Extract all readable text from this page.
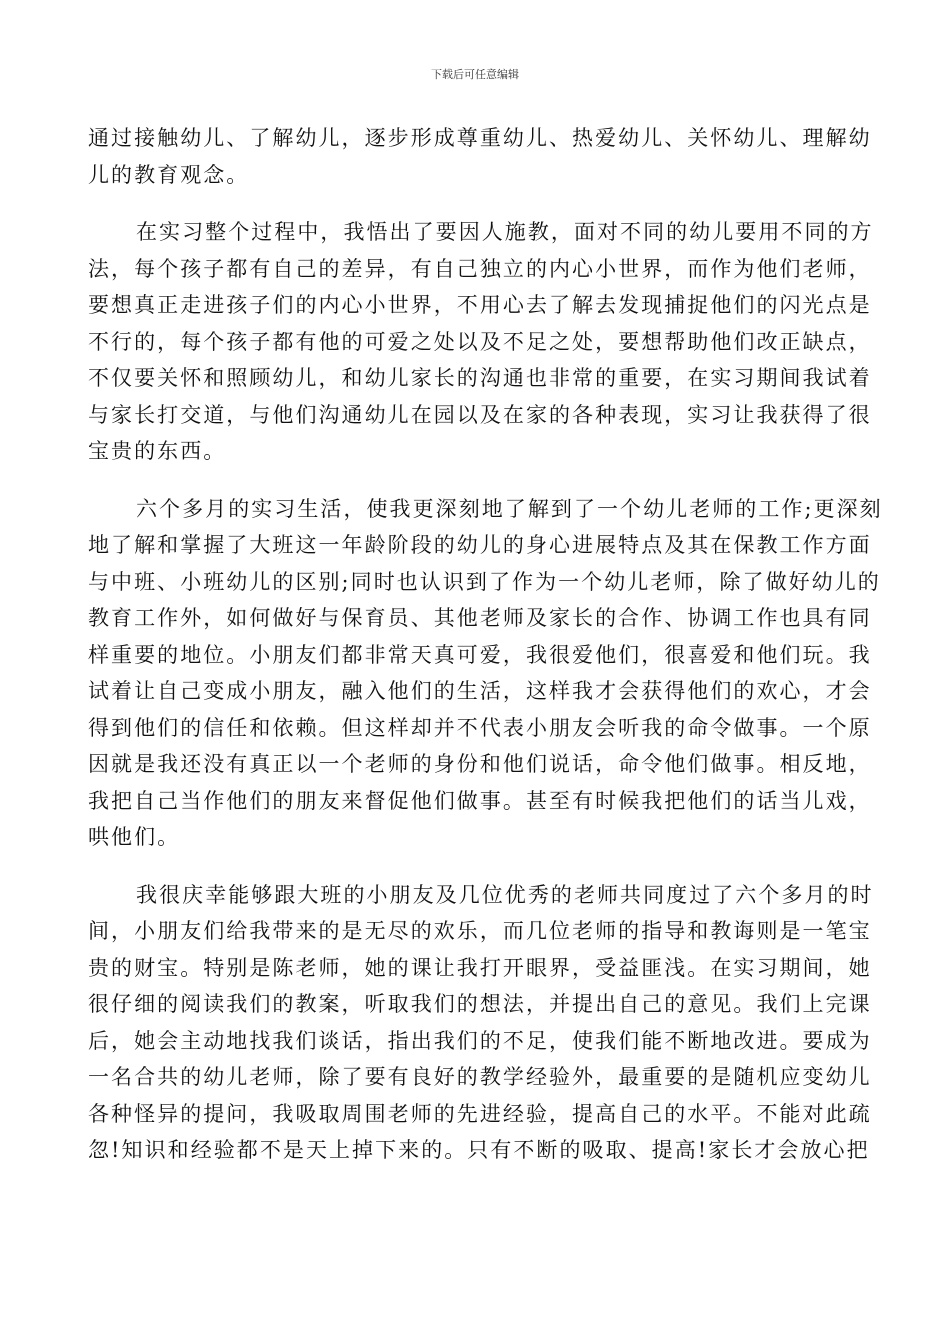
下载后可任意编辑
通过接触幼儿、了解幼儿，逐步形成尊重幼儿、热爱幼儿、关怀幼儿、理解幼
儿的教育观念。
在实习整个过程中，我悟出了要因人施教，面对不同的幼儿要用不同的方
法，每个孩子都有自己的差异，有自己独立的内心小世界，而作为他们老师，
要想真正走进孩子们的内心小世界，不用心去了解去发现捕捉他们的闪光点是
不行的，每个孩子都有他的可爱之处以及不足之处，要想帮助他们改正缺点，
不仅要关怀和照顾幼儿，和幼儿家长的沟通也非常的重要，在实习期间我试着
与家长打交道，与他们沟通幼儿在园以及在家的各种表现，实习让我获得了很
宝贵的东西。
六个多月的实习生活，使我更深刻地了解到了一个幼儿老师的工作;更深刻
地了解和掌握了大班这一年龄阶段的幼儿的身心进展特点及其在保教工作方面
与中班、小班幼儿的区别;同时也认识到了作为一个幼儿老师，除了做好幼儿的
教育工作外，如何做好与保育员、其他老师及家长的合作、协调工作也具有同
样重要的地位。小朋友们都非常天真可爱，我很爱他们，很喜爱和他们玩。我
试着让自己变成小朋友，融入他们的生活，这样我才会获得他们的欢心，才会
得到他们的信任和依赖。但这样却并不代表小朋友会听我的命令做事。一个原
因就是我还没有真正以一个老师的身份和他们说话，命令他们做事。相反地，
我把自己当作他们的朋友来督促他们做事。甚至有时候我把他们的话当儿戏，
哄他们。
我很庆幸能够跟大班的小朋友及几位优秀的老师共同度过了六个多月的时
间，小朋友们给我带来的是无尽的欢乐，而几位老师的指导和教诲则是一笔宝
贵的财宝。特别是陈老师，她的课让我打开眼界，受益匪浅。在实习期间，她
很仔细的阅读我们的教案，听取我们的想法，并提出自己的意见。我们上完课
后，她会主动地找我们谈话，指出我们的不足，使我们能不断地改进。要成为
一名合共的幼儿老师，除了要有良好的教学经验外，最重要的是随机应变幼儿
各种怪异的提问，我吸取周围老师的先进经验，提高自己的水平。不能对此疏
忽!知识和经验都不是天上掉下来的。只有不断的吸取、提高!家长才会放心把
